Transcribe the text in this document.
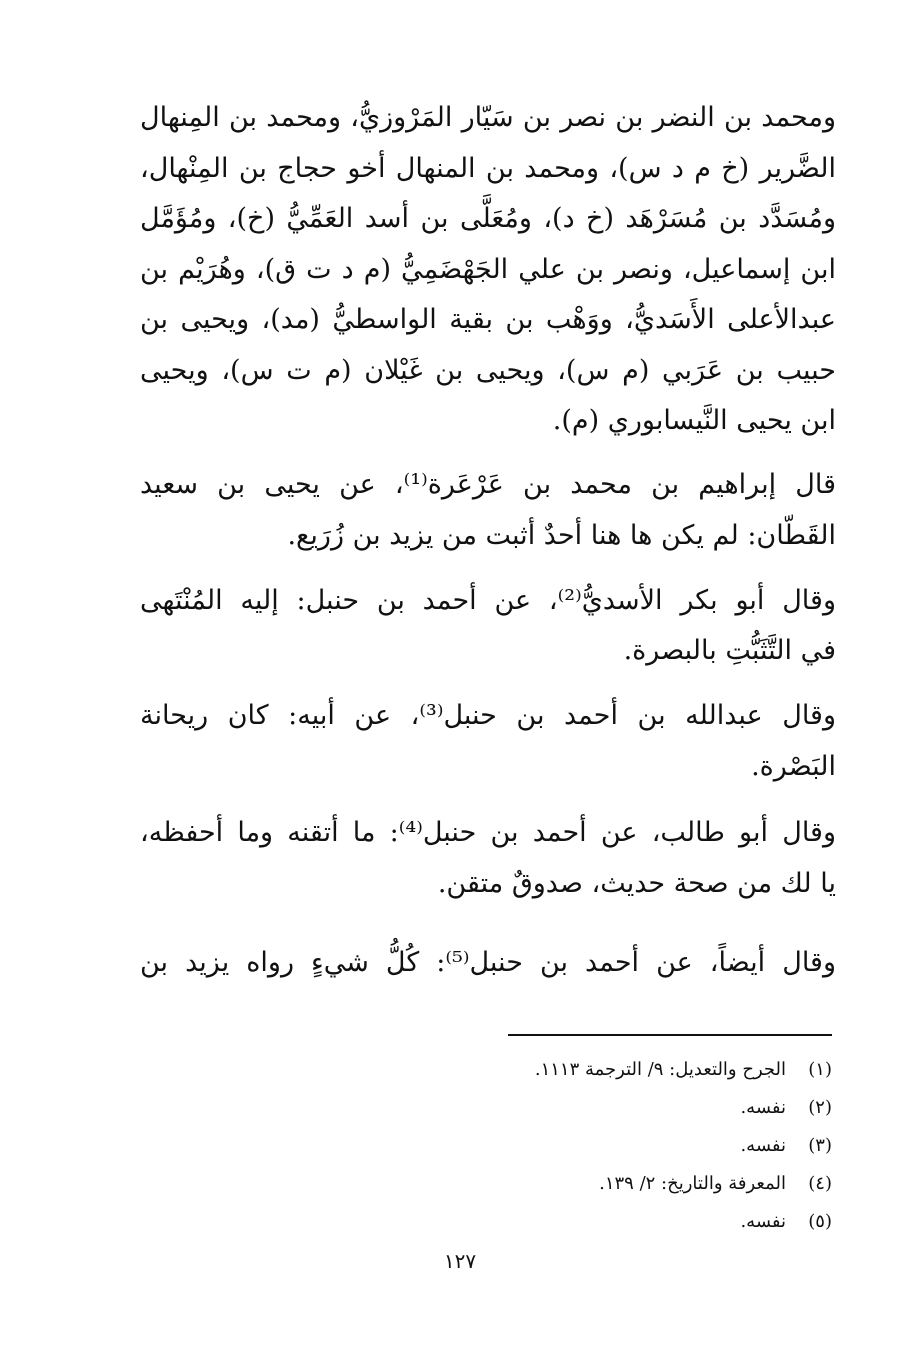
ومحمد بن النضر بن نصر بن سَيّار المَرْوزيُّ، ومحمد بن المِنهال
الضَّرير (خ م د س)، ومحمد بن المنهال أخو حجاج بن المِنْهال،
ومُسَدَّد بن مُسَرْهَد (خ د)، ومُعَلَّى بن أسد العَمِّيُّ (خ)، ومُؤَمَّل
ابن إسماعيل، ونصر بن علي الجَهْضَمِيُّ (م د ت ق)، وهُرَيْم بن
عبدالأعلى الأَسَديُّ، ووَهْب بن بقية الواسطيُّ (مد)، ويحيى بن
حبيب بن عَرَبي (م س)، ويحيى بن غَيْلان (م ت س)، ويحيى
ابن يحيى النَّيسابوري (م).
قال إبراهيم بن محمد بن عَرْعَرة⁽¹⁾، عن يحيى بن سعيد
القَطّان: لم يكن ها هنا أحدٌ أثبت من يزيد بن زُرَيع.
وقال أبو بكر الأسديُّ⁽²⁾، عن أحمد بن حنبل: إليه المُنْتَهى
في التَّثَبُّتِ بالبصرة.
وقال عبدالله بن أحمد بن حنبل⁽³⁾، عن أبيه: كان ريحانة
البَصْرة.
وقال أبو طالب، عن أحمد بن حنبل⁽⁴⁾: ما أتقنه وما أحفظه،
يا لك من صحة حديث، صدوقٌ متقن.
وقال أيضاً، عن أحمد بن حنبل⁽⁵⁾: كُلُّ شيءٍ رواه يزيد بن
(١)الجرح والتعديل: ٩/ الترجمة ١١١٣.
(٢)نفسه.
(٣)نفسه.
(٤)المعرفة والتاريخ: ٢/ ١٣٩.
(٥)نفسه.
١٢٧
